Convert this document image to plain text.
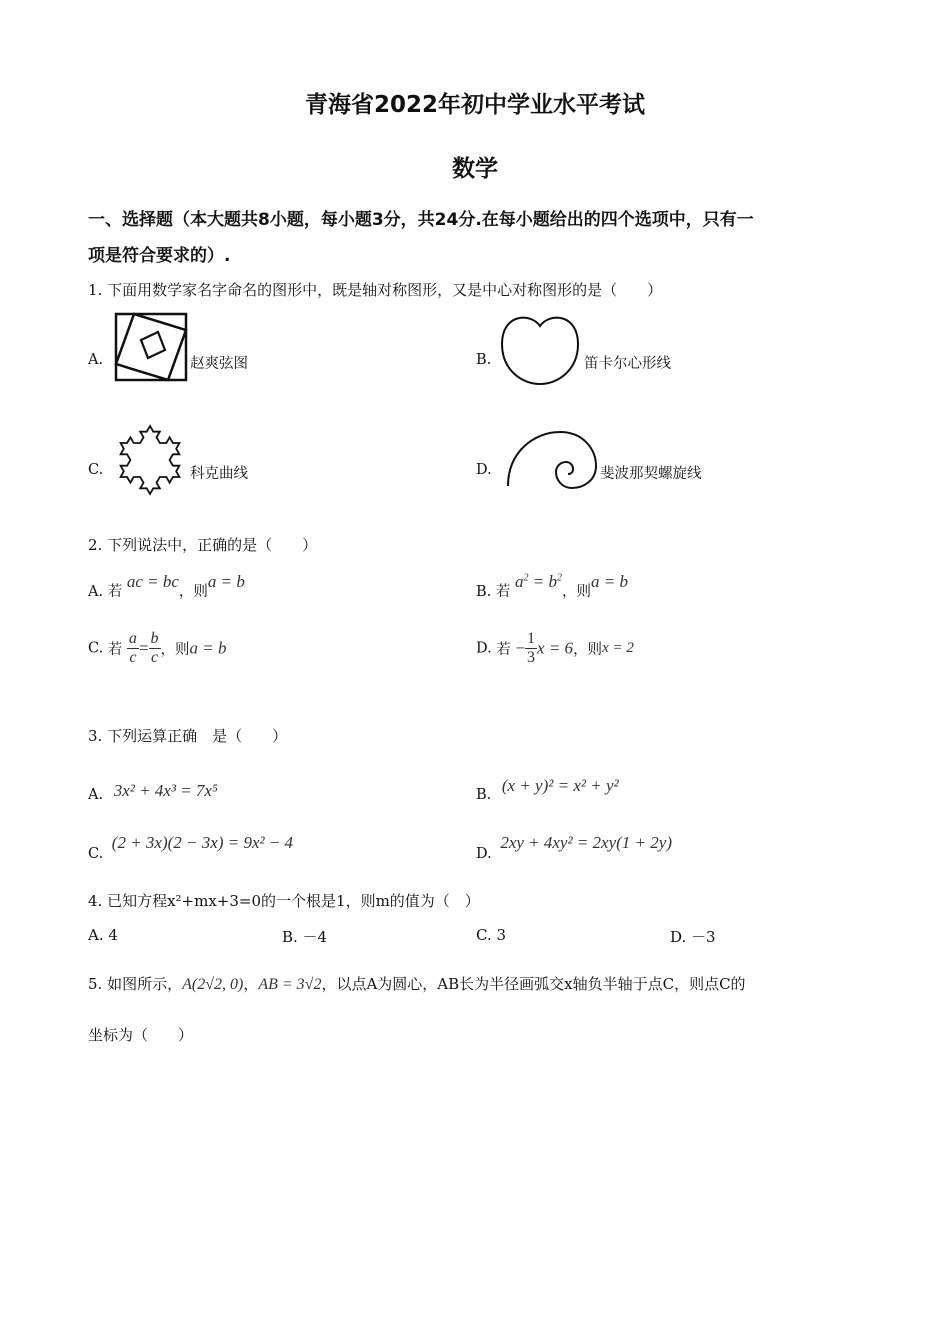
青海省2022年初中学业水平考试
数学
一、选择题（本大题共8小题，每小题3分，共24分.在每小题给出的四个选项中，只有一
项是符合要求的）.
1. 下面用数学家名字命名的图形中，既是轴对称图形，又是中心对称图形的是（　　）
A.	赵爽弦图	B.	笛卡尔心形线
C.	科克曲线	D.	斐波那契螺旋线
2. 下列说法中，正确的是（　　）
A. 若 ac = bc，则a = b
B. 若 $a^2 = b^2$，则a = b
C. 若 $\frac{a}{c} = \frac{b}{c}$ ，则a = b	D. 若 − $\frac{1}{3}$ x = 6，则x = 2
3. 下列运算正确　是（　　）
A. 3x² + 4x³ = 7x⁵	B. (x + y)² = x² + y²
C. (2 + 3x)(2 − 3x) = 9x² − 4
D. 2xy + 4xy² = 2xy(1 + 2y)
4. 已知方程x²+mx+3=0的一个根是1，则m的值为（　）
A. 4	B. －4	C. 3	D. －3
5. 如图所示，A(2√2, 0)，AB = 3√2，以点A为圆心，AB长为半径画弧交x轴负半轴于点C，则点C的
坐标为（　　）
